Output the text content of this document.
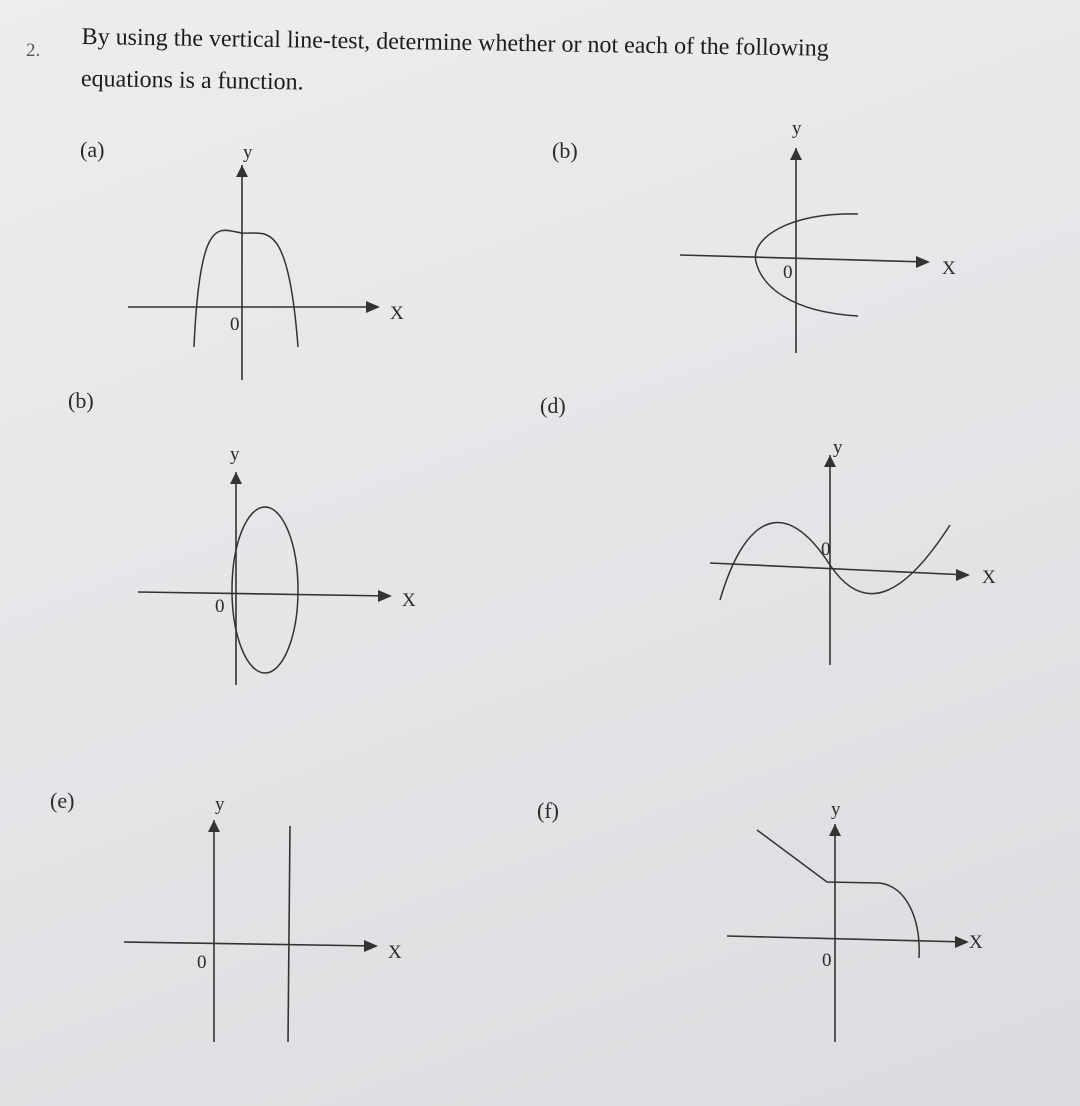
2. By using the vertical line-test, determine whether or not each of the following
equations is a function.

(a)	y
X
0
(b)
y
X
0
(b)
y
X
0
(d)
y
X
0
(e)	y
X
0
(f)	y
X
0
